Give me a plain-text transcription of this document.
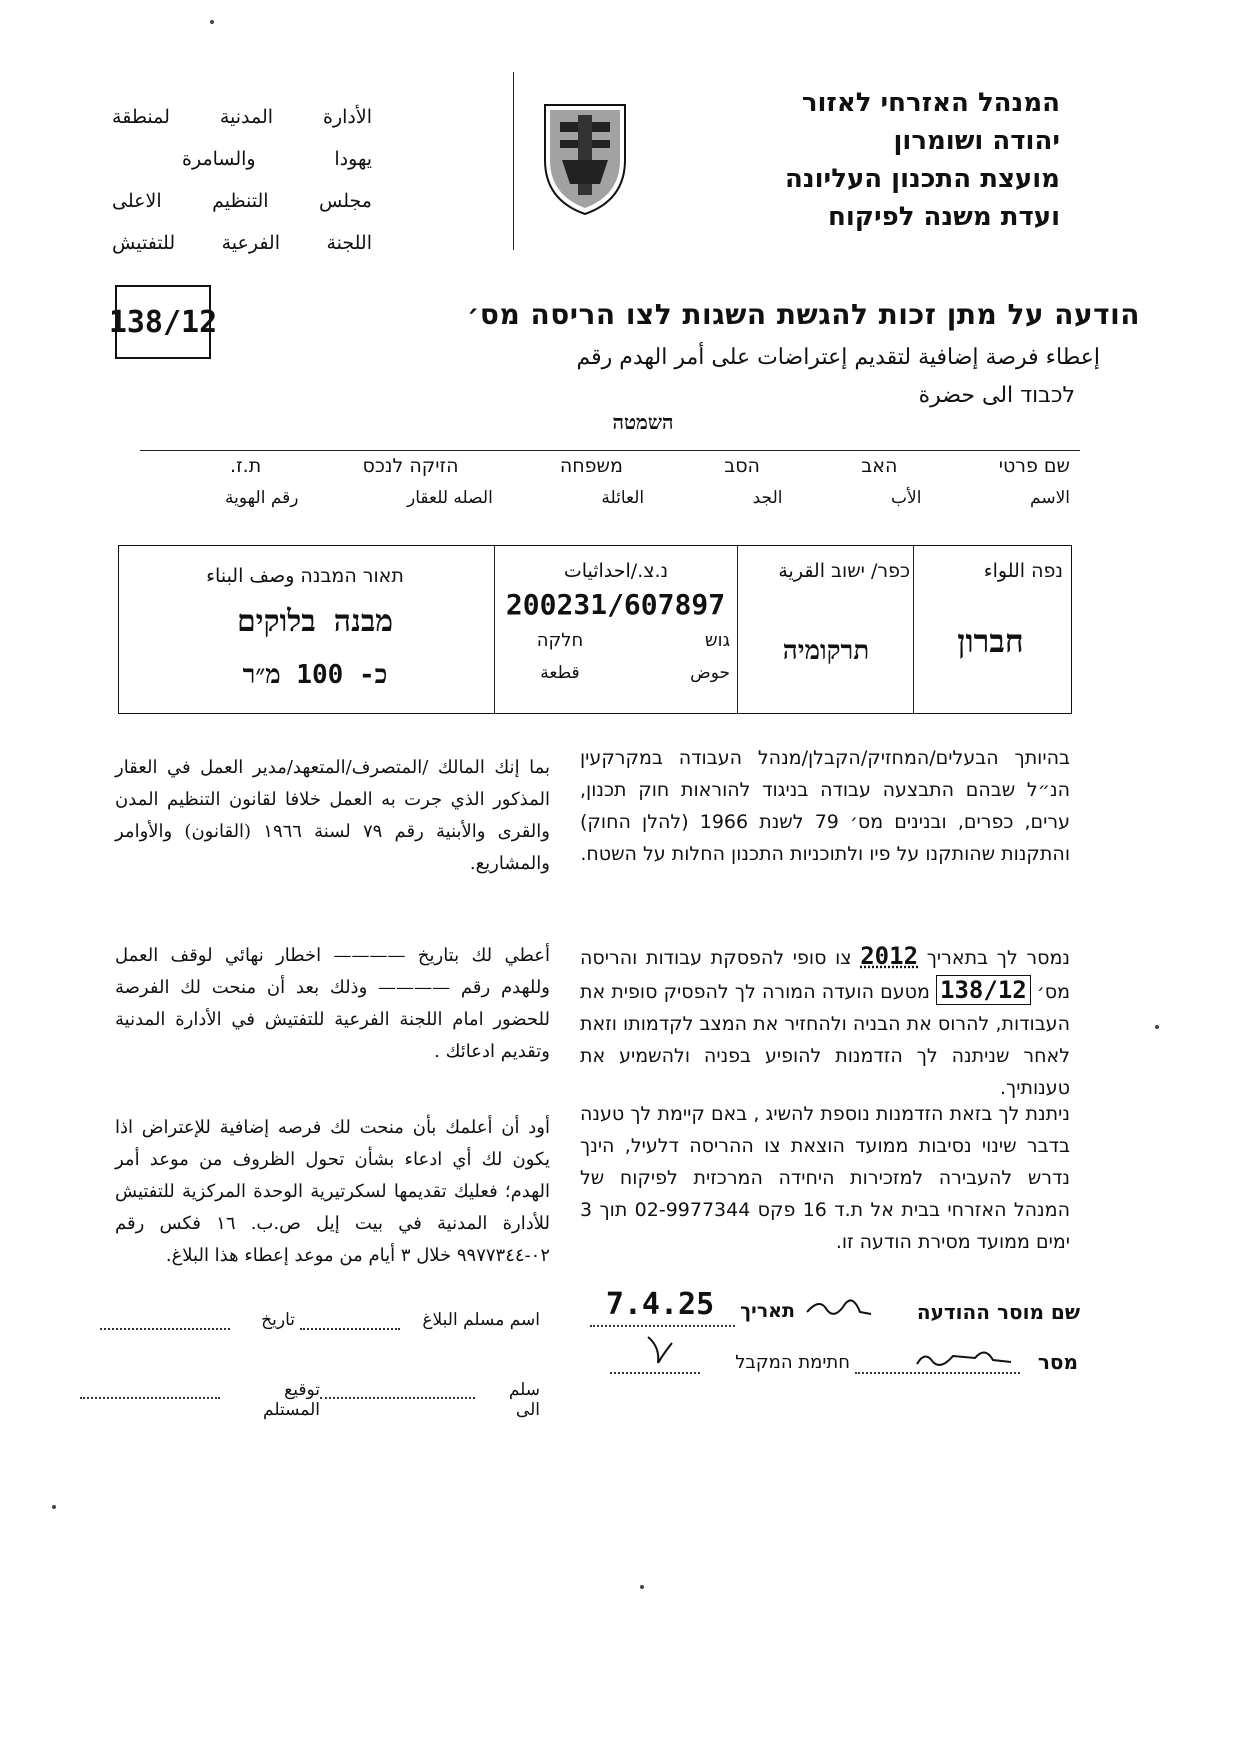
המנהל האזרחי לאזור
יהודה ושומרון
מועצת התכנון העליונה
ועדת משנה לפיקוח
الأدارة
المدنية
لمنطقة
يهودا
والسامرة
مجلس
التنظيم
الاعلى
اللجنة
الفرعية
للتفتيش
138/12	הודעה על מתן זכות להגשת השגות לצו הריסה מס׳
إعطاء فرصة إضافية لتقديم إعتراضات على أمر الهدم رقم
לכבוד الى حضرة
השמטה
שם פרטי
האב
הסב
משפחה
הזיקה לנכס
ת.ז.
الاسم
الأب
الجد
العائلة
الصله للعقار
رقم الهوية
נפה اللواء
כפר/ ישוב القرية
נ.צ./احداثيات
תאור המבנה وصف البناء
חברון
תרקומיה
200231/607897
גוש
חלקה
حوض
قطعة
מבנה בלוקים
כ- 100 מ״ר
בהיותך הבעלים/המחזיק/הקבלן/מנהל העבודה במקרקעין הנ״ל שבהם התבצעה עבודה בניגוד להוראות חוק תכנון, ערים, כפרים, ובנינים מס׳ 79 לשנת 1966 (להלן החוק) והתקנות שהותקנו על פיו ולתוכניות התכנון החלות על השטח.
بما إنك المالك /المتصرف/المتعهد/مدير العمل في العقار المذكور الذي جرت به العمل خلافا لقانون التنظيم المدن والقرى والأبنية رقم ٧٩ لسنة ١٩٦٦ (القانون) والأوامر والمشاريع.
נמסר לך בתאריך 2012 צו סופי להפסקת עבודות והריסה מס׳ 138/12 מטעם הועדה המורה לך להפסיק סופית את העבודות, להרוס את הבניה ולהחזיר את המצב לקדמותו וזאת לאחר שניתנה לך הזדמנות להופיע בפניה ולהשמיע את טענותיך.
أعطي لك بتاريخ ———— اخطار نهائي لوقف العمل وللهدم رقم ———— وذلك بعد أن منحت لك الفرصة للحضور امام اللجنة الفرعية للتفتيش في الأدارة المدنية وتقديم ادعائك .
ניתנת לך בזאת הזדמנות נוספת להשיג , באם קיימת לך טענה בדבר שינוי נסיבות ממועד הוצאת צו ההריסה דלעיל, הינך נדרש להעבירה למזכירות היחידה המרכזית לפיקוח של המנהל האזרחי בבית אל ת.ד 16 פקס 02-9977344 תוך 3 ימים ממועד מסירת הודעה זו.
أود أن أعلمك بأن منحت لك فرصه إضافية للإعتراض اذا يكون لك أي ادعاء بشأن تحول الظروف من موعد أمر الهدم؛ فعليك تقديمها لسكرتيرية الوحدة المركزية للتفتيش للأدارة المدنية في بيت إيل ص.ب. ١٦ فكس رقم ٠٢-٩٩٧٧٣٤٤ خلال ٣ أيام من موعد إعطاء هذا البلاغ.
שם מוסר ההודעה
תאריך
7.4.25
מסר
חתימת המקבל
اسم مسلم البلاغ
تاريخ
سلم الى
توقيع المستلم
